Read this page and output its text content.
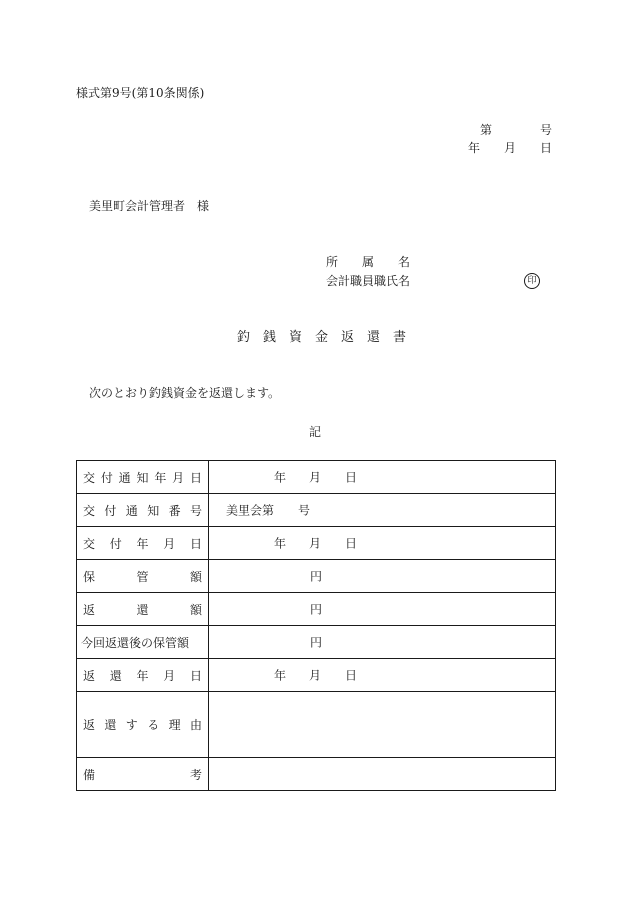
様式第9号(第10条関係)
第	号
年 月 日
美里町会計管理者　様
所　　属　　名
会計職員職氏名	印
釣　銭　資　金　返　還　書
次のとおり釣銭資金を返還します。
記
交付通知年月日	年 月 日

交付通知番号	美里会第 号

交付年月日	年 月 日

保管額	円

返還額	円

今回返還後の保管額	円

返還年月日	年 月 日

返還する理由	
備考	
